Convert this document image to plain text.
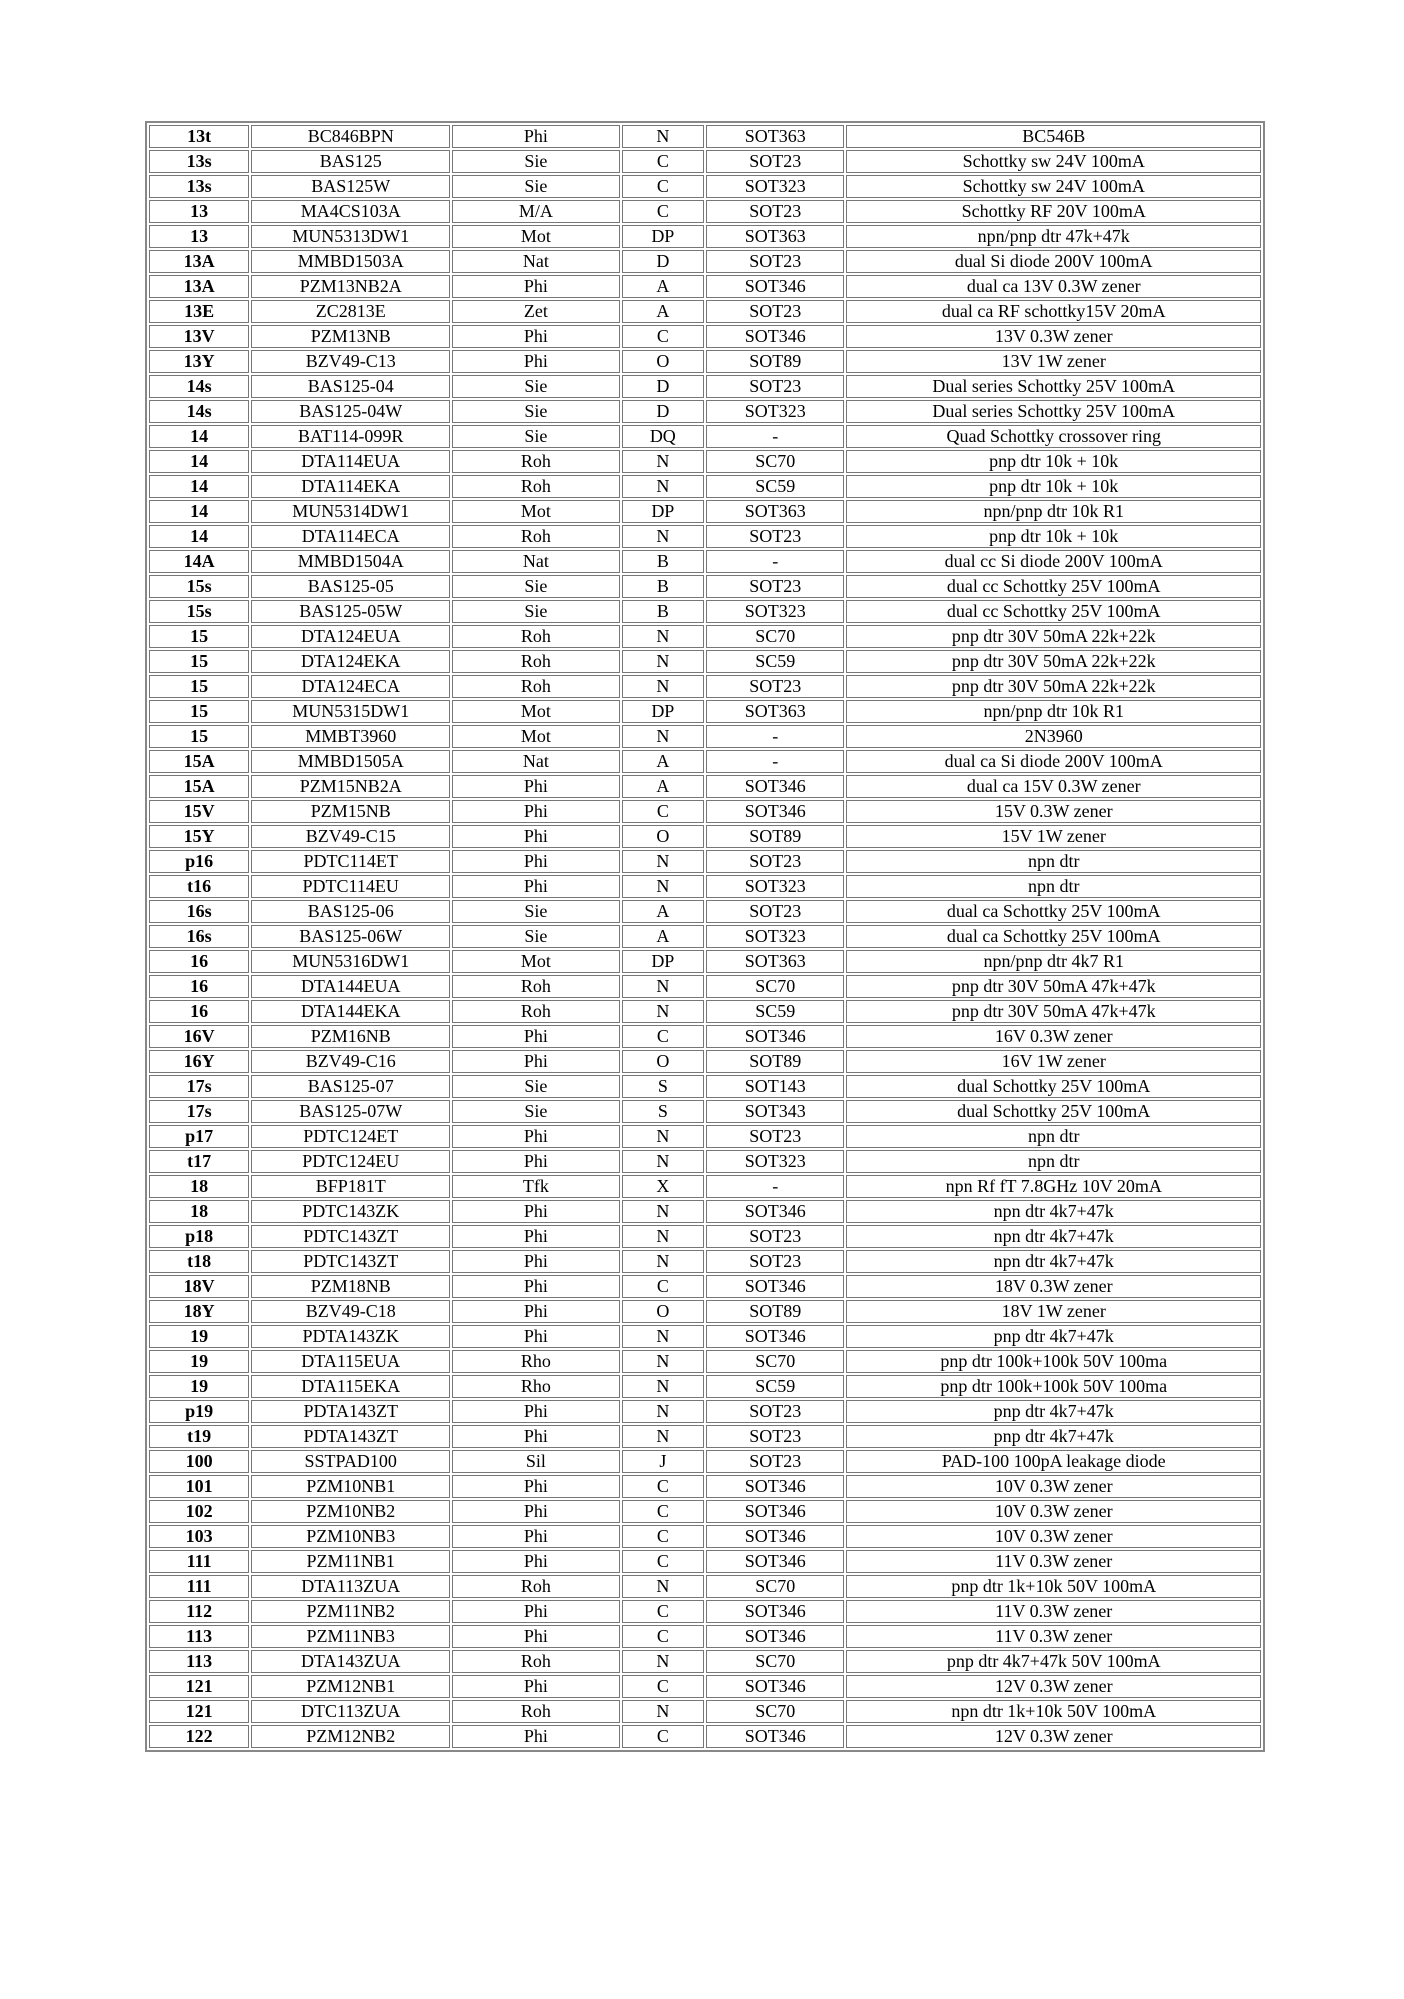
13t	BC846BPN	Phi	N	SOT363	BC546B
13s	BAS125	Sie	C	SOT23	Schottky sw 24V 100mA
13s	BAS125W	Sie	C	SOT323	Schottky sw 24V 100mA
13	MA4CS103A	M/A	C	SOT23	Schottky RF 20V 100mA
13	MUN5313DW1	Mot	DP	SOT363	npn/pnp dtr 47k+47k
13A	MMBD1503A	Nat	D	SOT23	dual Si diode 200V 100mA
13A	PZM13NB2A	Phi	A	SOT346	dual ca 13V 0.3W zener
13E	ZC2813E	Zet	A	SOT23	dual ca RF schottky15V 20mA
13V	PZM13NB	Phi	C	SOT346	13V 0.3W zener
13Y	BZV49-C13	Phi	O	SOT89	13V 1W zener
14s	BAS125-04	Sie	D	SOT23	Dual series Schottky 25V 100mA
14s	BAS125-04W	Sie	D	SOT323	Dual series Schottky 25V 100mA
14	BAT114-099R	Sie	DQ	-	Quad Schottky crossover ring
14	DTA114EUA	Roh	N	SC70	pnp dtr 10k + 10k
14	DTA114EKA	Roh	N	SC59	pnp dtr 10k + 10k
14	MUN5314DW1	Mot	DP	SOT363	npn/pnp dtr 10k R1
14	DTA114ECA	Roh	N	SOT23	pnp dtr 10k + 10k
14A	MMBD1504A	Nat	B	-	dual cc Si diode 200V 100mA
15s	BAS125-05	Sie	B	SOT23	dual cc Schottky 25V 100mA
15s	BAS125-05W	Sie	B	SOT323	dual cc Schottky 25V 100mA
15	DTA124EUA	Roh	N	SC70	pnp dtr 30V 50mA 22k+22k
15	DTA124EKA	Roh	N	SC59	pnp dtr 30V 50mA 22k+22k
15	DTA124ECA	Roh	N	SOT23	pnp dtr 30V 50mA 22k+22k
15	MUN5315DW1	Mot	DP	SOT363	npn/pnp dtr 10k R1
15	MMBT3960	Mot	N	-	2N3960
15A	MMBD1505A	Nat	A	-	dual ca Si diode 200V 100mA
15A	PZM15NB2A	Phi	A	SOT346	dual ca 15V 0.3W zener
15V	PZM15NB	Phi	C	SOT346	15V 0.3W zener
15Y	BZV49-C15	Phi	O	SOT89	15V 1W zener
p16	PDTC114ET	Phi	N	SOT23	npn dtr
t16	PDTC114EU	Phi	N	SOT323	npn dtr
16s	BAS125-06	Sie	A	SOT23	dual ca Schottky 25V 100mA
16s	BAS125-06W	Sie	A	SOT323	dual ca Schottky 25V 100mA
16	MUN5316DW1	Mot	DP	SOT363	npn/pnp dtr 4k7 R1
16	DTA144EUA	Roh	N	SC70	pnp dtr 30V 50mA 47k+47k
16	DTA144EKA	Roh	N	SC59	pnp dtr 30V 50mA 47k+47k
16V	PZM16NB	Phi	C	SOT346	16V 0.3W zener
16Y	BZV49-C16	Phi	O	SOT89	16V 1W zener
17s	BAS125-07	Sie	S	SOT143	dual Schottky 25V 100mA
17s	BAS125-07W	Sie	S	SOT343	dual Schottky 25V 100mA
p17	PDTC124ET	Phi	N	SOT23	npn dtr
t17	PDTC124EU	Phi	N	SOT323	npn dtr
18	BFP181T	Tfk	X	-	npn Rf fT 7.8GHz 10V 20mA
18	PDTC143ZK	Phi	N	SOT346	npn dtr 4k7+47k
p18	PDTC143ZT	Phi	N	SOT23	npn dtr 4k7+47k
t18	PDTC143ZT	Phi	N	SOT23	npn dtr 4k7+47k
18V	PZM18NB	Phi	C	SOT346	18V 0.3W zener
18Y	BZV49-C18	Phi	O	SOT89	18V 1W zener
19	PDTA143ZK	Phi	N	SOT346	pnp dtr 4k7+47k
19	DTA115EUA	Rho	N	SC70	pnp dtr 100k+100k 50V 100ma
19	DTA115EKA	Rho	N	SC59	pnp dtr 100k+100k 50V 100ma
p19	PDTA143ZT	Phi	N	SOT23	pnp dtr 4k7+47k
t19	PDTA143ZT	Phi	N	SOT23	pnp dtr 4k7+47k
100	SSTPAD100	Sil	J	SOT23	PAD-100 100pA leakage diode
101	PZM10NB1	Phi	C	SOT346	10V 0.3W zener
102	PZM10NB2	Phi	C	SOT346	10V 0.3W zener
103	PZM10NB3	Phi	C	SOT346	10V 0.3W zener
111	PZM11NB1	Phi	C	SOT346	11V 0.3W zener
111	DTA113ZUA	Roh	N	SC70	pnp dtr 1k+10k 50V 100mA
112	PZM11NB2	Phi	C	SOT346	11V 0.3W zener
113	PZM11NB3	Phi	C	SOT346	11V 0.3W zener
113	DTA143ZUA	Roh	N	SC70	pnp dtr 4k7+47k 50V 100mA
121	PZM12NB1	Phi	C	SOT346	12V 0.3W zener
121	DTC113ZUA	Roh	N	SC70	npn dtr 1k+10k 50V 100mA
122	PZM12NB2	Phi	C	SOT346	12V 0.3W zener
